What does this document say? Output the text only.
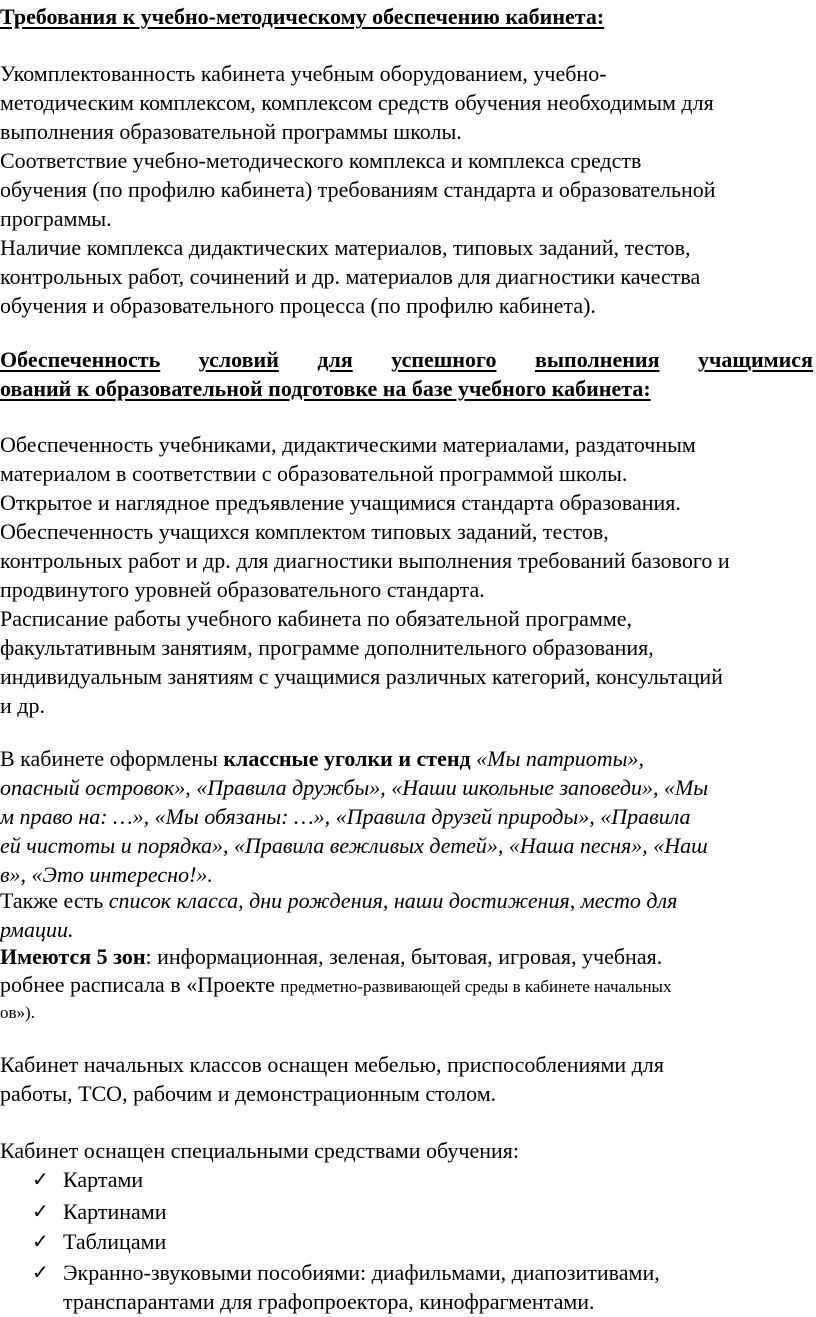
Требования к учебно-методическому обеспечению кабинета:
Укомплектованность кабинета учебным оборудованием, учебно-
методическим комплексом, комплексом средств обучения необходимым для
выполнения образовательной программы школы.
Соответствие учебно-методического комплекса и комплекса средств
обучения (по профилю кабинета) требованиям стандарта и образовательной
программы.
Наличие комплекса дидактических материалов, типовых заданий, тестов,
контрольных работ, сочинений и др. материалов для диагностики качества
обучения и образовательного процесса (по профилю кабинета).
Обеспеченность условий для успешного выполнения учащимися
ований к образовательной подготовке на базе учебного кабинета:
Обеспеченность учебниками, дидактическими материалами, раздаточным
материалом в соответствии с образовательной программой школы.
Открытое и наглядное предъявление учащимися стандарта образования.
Обеспеченность учащихся комплектом типовых заданий, тестов,
контрольных работ и др. для диагностики выполнения требований базового и
продвинутого уровней образовательного стандарта.
Расписание работы учебного кабинета по обязательной программе,
факультативным занятиям, программе дополнительного образования,
индивидуальным занятиям с учащимися различных категорий, консультаций
и др.
В кабинете оформлены классные уголки и стенд «Мы патриоты»,
опасный островок», «Правила дружбы», «Наши школьные заповеди», «Мы
м право на: …», «Мы обязаны: …», «Правила друзей природы», «Правила
ей чистоты и порядка», «Правила вежливых детей», «Наша песня», «Наш
в», «Это интересно!».
Также есть список класса, дни рождения, наши достижения, место для
рмации.
Имеются 5 зон: информационная, зеленая, бытовая, игровая, учебная.
робнее расписала в «Проекте предметно-развивающей среды в кабинете начальных
ов»).
Кабинет начальных классов оснащен мебелью, приспособлениями для
работы, ТСО, рабочим и демонстрационным столом.
Кабинет оснащен специальными средствами обучения:
✓ Картами
✓ Картинами
✓ Таблицами
✓ Экранно-звуковыми пособиями: диафильмами, диапозитивами,
транспарантами для графопроектора, кинофрагментами.
